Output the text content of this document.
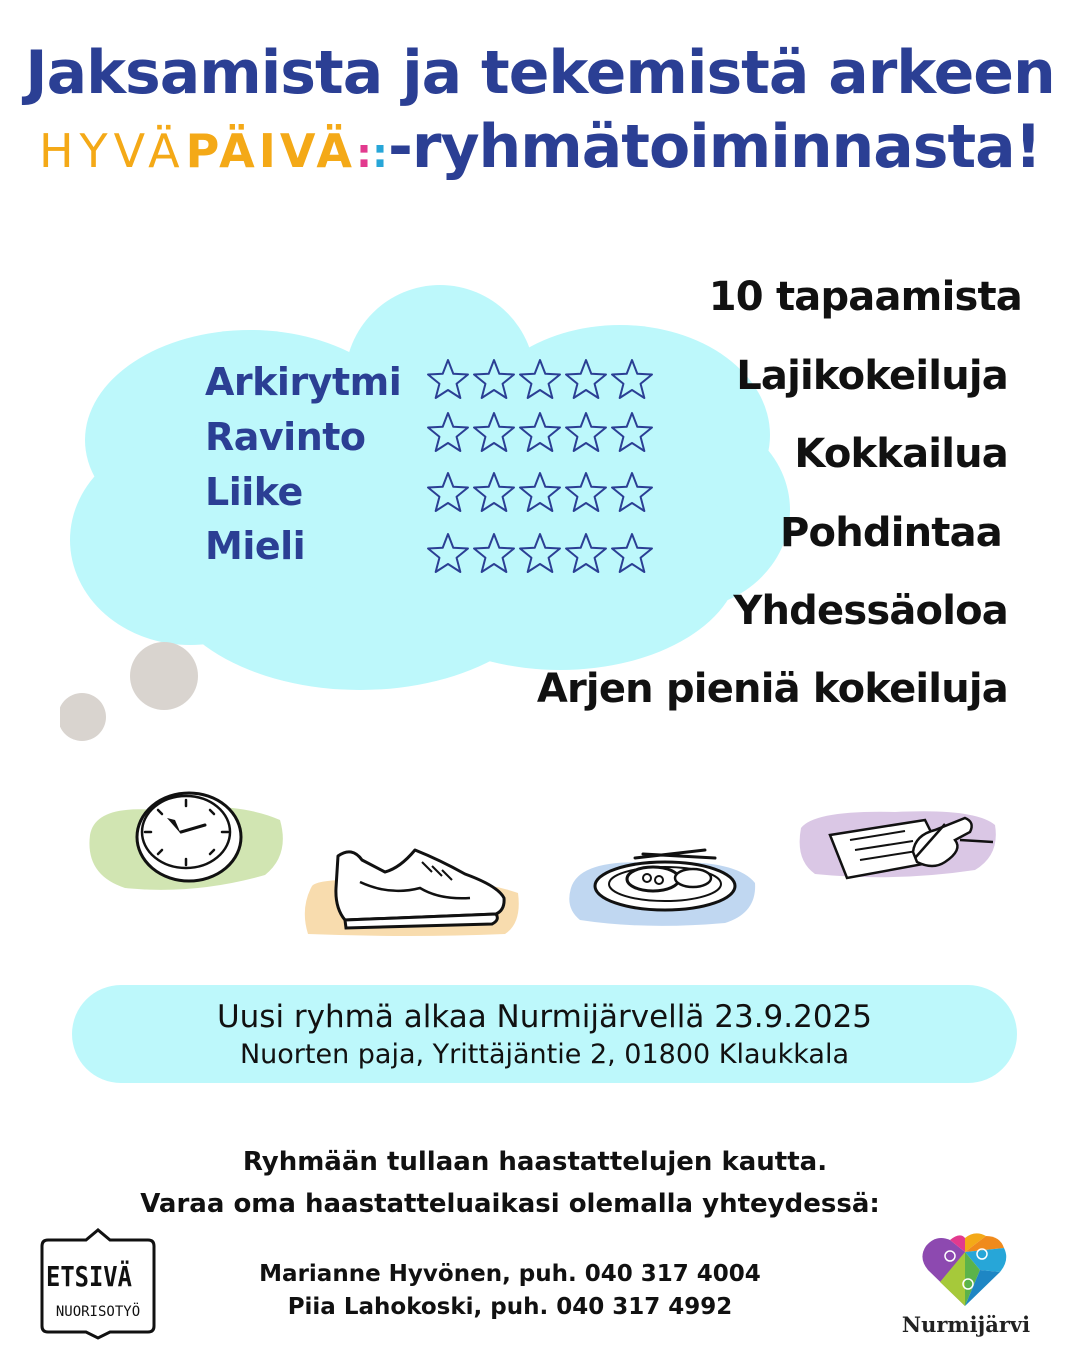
Jaksamista ja tekemistä arkeen
HYVÄPÄIVÄ::-ryhmätoiminnasta!
Arkirytmi
Ravinto
Liike
Mieli
10 tapaamista
Lajikokeiluja
Kokkailua
Pohdintaa
Yhdessäoloa
Arjen pieniä kokeiluja
Uusi ryhmä alkaa Nurmijärvellä 23.9.2025
Nuorten paja, Yrittäjäntie 2, 01800 Klaukkala
Ryhmään tullaan haastattelujen kautta.
Varaa oma haastatteluaikasi olemalla yhteydessä:
Marianne Hyvönen, puh. 040 317 4004
Piia Lahokoski, puh. 040 317 4992
ETSIVÄ
NUORISOTYÖ	Nurmijärvi
